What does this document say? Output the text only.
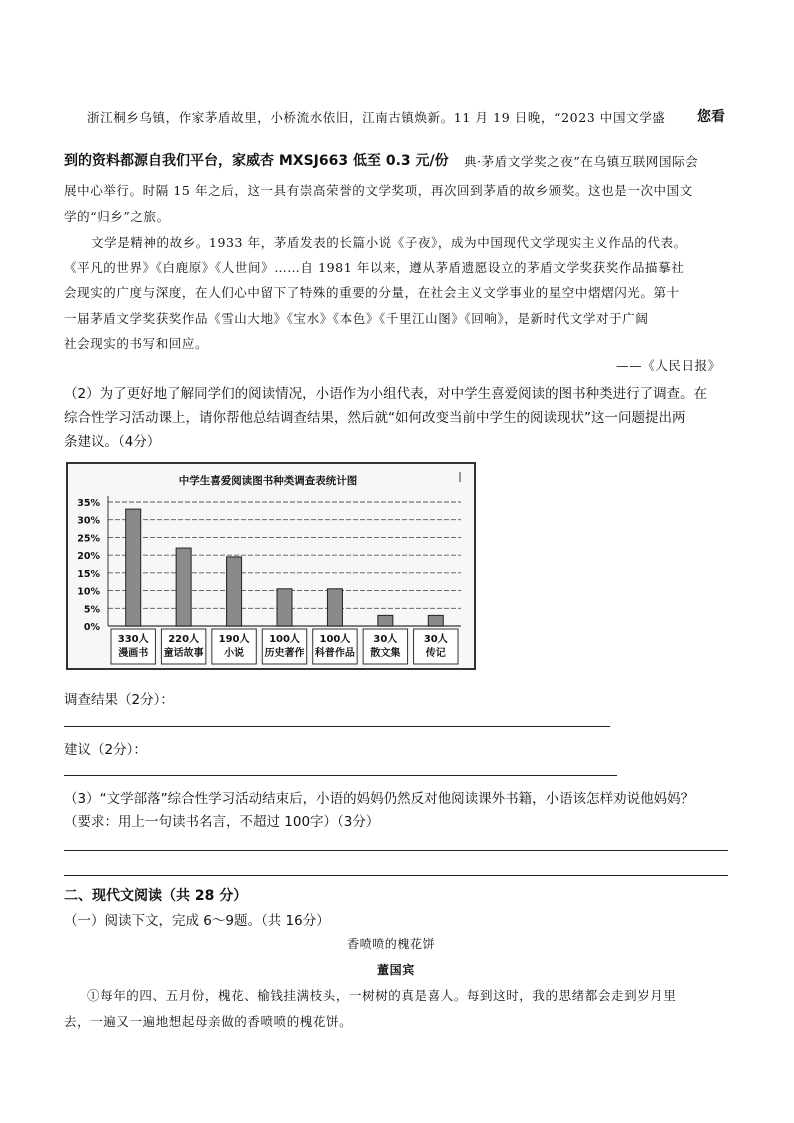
浙江桐乡乌镇，作家茅盾故里，小桥流水依旧，江南古镇焕新。11 月 19 日晚，“2023 中国文学盛 您看
到的资料都源自我们平台，家威杏 MXSJ663 低至 0.3 元/份 典·茅盾文学奖之夜”在乌镇互联网国际会
展中心举行。时隔 15 年之后，这一具有崇高荣誉的文学奖项，再次回到茅盾的故乡颁奖。这也是一次中国文
学的“归乡”之旅。
文学是精神的故乡。1933 年，茅盾发表的长篇小说《子夜》，成为中国现代文学现实主义作品的代表。
《平凡的世界》《白鹿原》《人世间》……自 1981 年以来，遵从茅盾遗愿设立的茅盾文学奖获奖作品描摹社
会现实的广度与深度，在人们心中留下了特殊的重要的分量，在社会主义文学事业的星空中熠熠闪光。第十
一届茅盾文学奖获奖作品《雪山大地》《宝水》《本色》《千里江山图》《回响》，是新时代文学对于广阔
社会现实的书写和回应。
——《人民日报》
（2）为了更好地了解同学们的阅读情况，小语作为小组代表，对中学生喜爱阅读的图书种类进行了调查。在
综合性学习活动课上，请你帮他总结调查结果，然后就“如何改变当前中学生的阅读现状”这一问题提出两
条建议。（4分）
中学生喜爱阅读图书种类调查表统计图
35%
30%
25%
20%
15%
10%
5%
0%
330人
漫画书
220人
童话故事
190人
小说
100人
历史著作
100人
科普作品
30人
散文集
30人
传记
调查结果（2分）：
建议（2分）：
（3）“文学部落”综合性学习活动结束后，小语的妈妈仍然反对他阅读课外书籍，小语该怎样劝说他妈妈？
（要求：用上一句读书名言，不超过 100字）（3分）
二、现代文阅读（共 28 分）
（一）阅读下文，完成 6～9题。（共 16分）
香喷喷的槐花饼
董国宾
①每年的四、五月份，槐花、榆钱挂满枝头，一树树的真是喜人。每到这时，我的思绪都会走到岁月里
去，一遍又一遍地想起母亲做的香喷喷的槐花饼。
